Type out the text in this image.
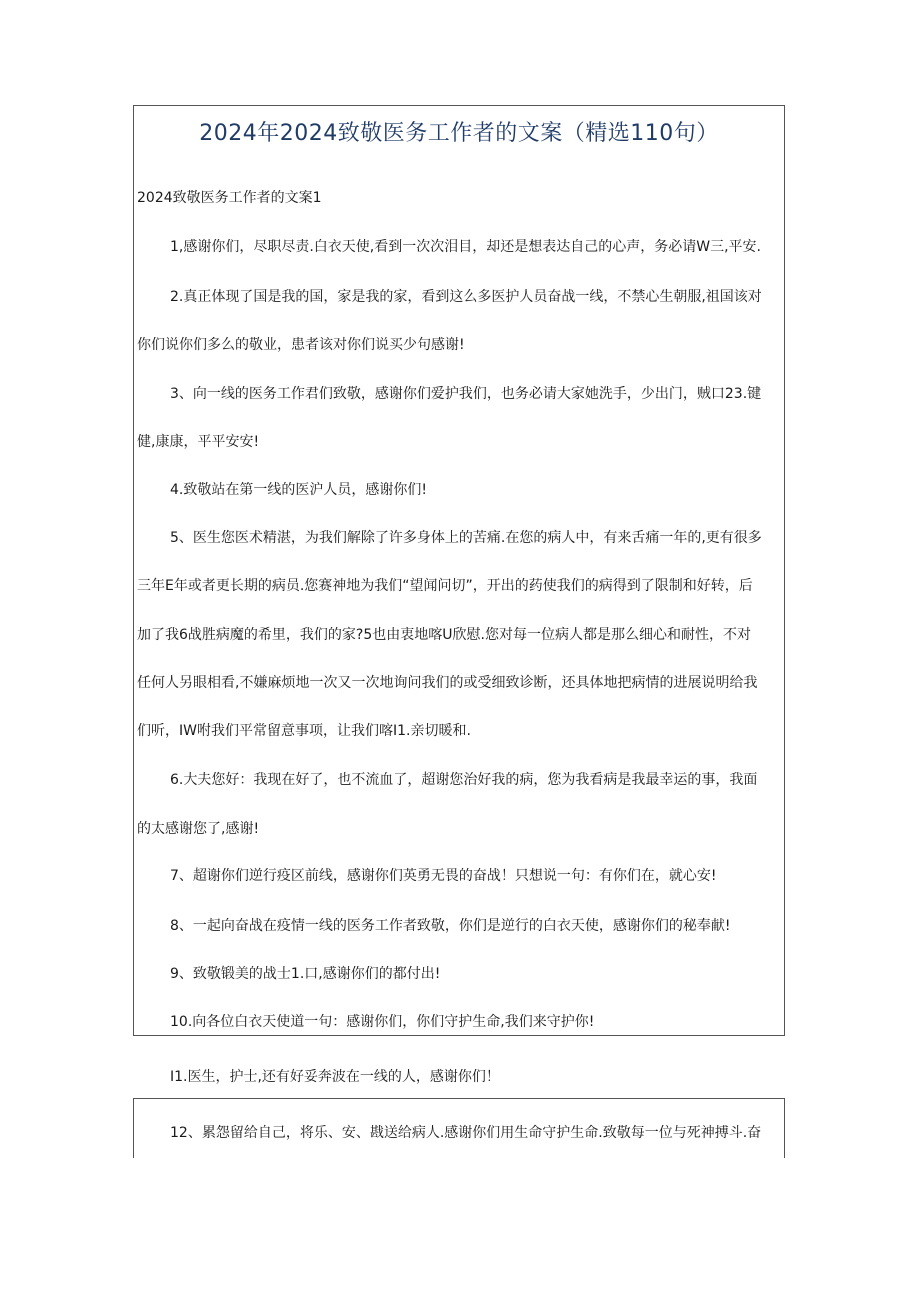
2024年2024致敬医务工作者的文案（精选110句）
2024致敬医务工作者的文案1
1,感谢你们，尽职尽责.白衣天使,看到一次次泪目，却还是想表达自己的心声，务必请W三,平安.
2.真正体现了国是我的国，家是我的家，看到这么多医护人员奋战一线，不禁心生朝服,祖国该对
你们说你们多么的敬业，患者该对你们说买少句感谢!
3、向一线的医务工作君们致敬，感谢你们爱护我们，也务必请大家她洗手，少出门，贼口23.键
健,康康，平平安安!
4.致敬站在第一线的医沪人员，感谢你们!
5、医生您医术精湛，为我们解除了许多身体上的苦痛.在您的病人中，有来舌痛一年的,更有很多
三年E年或者更长期的病员.您赛神地为我们“望闻问切”，开出的药使我们的病得到了限制和好转，后
加了我6战胜病魔的希里，我们的家?5也由衷地喀U欣慰.您对每一位病人都是那么细心和耐性，不对
任何人另眼相看,不嫌麻烦地一次又一次地询问我们的或受细致诊断，还具体地把病情的进展说明给我
们听，IW咐我们平常留意事项，让我们喀I1.亲切暖和.
6.大夫您好：我现在好了，也不流血了，超谢您治好我的病，您为我看病是我最幸运的事，我面
的太感谢您了,感谢!
7、超谢你们逆行疫区前线，感谢你们英勇无畏的奋战！只想说一句：有你们在，就心安!
8、一起向奋战在疫情一线的医务工作者致敬，你们是逆行的白衣天使，感谢你们的秘奉献!
9、致敬锻美的战士1.口,感谢你们的都付出!
10.向各位白衣天使道一句：感谢你们，你们守护生命,我们来守护你!
I1.医生，护士,还有好妥奔波在一线的人，感谢你们！
12、累怨留给自己，将乐、安、戡送给病人.感谢你们用生命守护生命.致敬每一位与死神搏斗.奋
